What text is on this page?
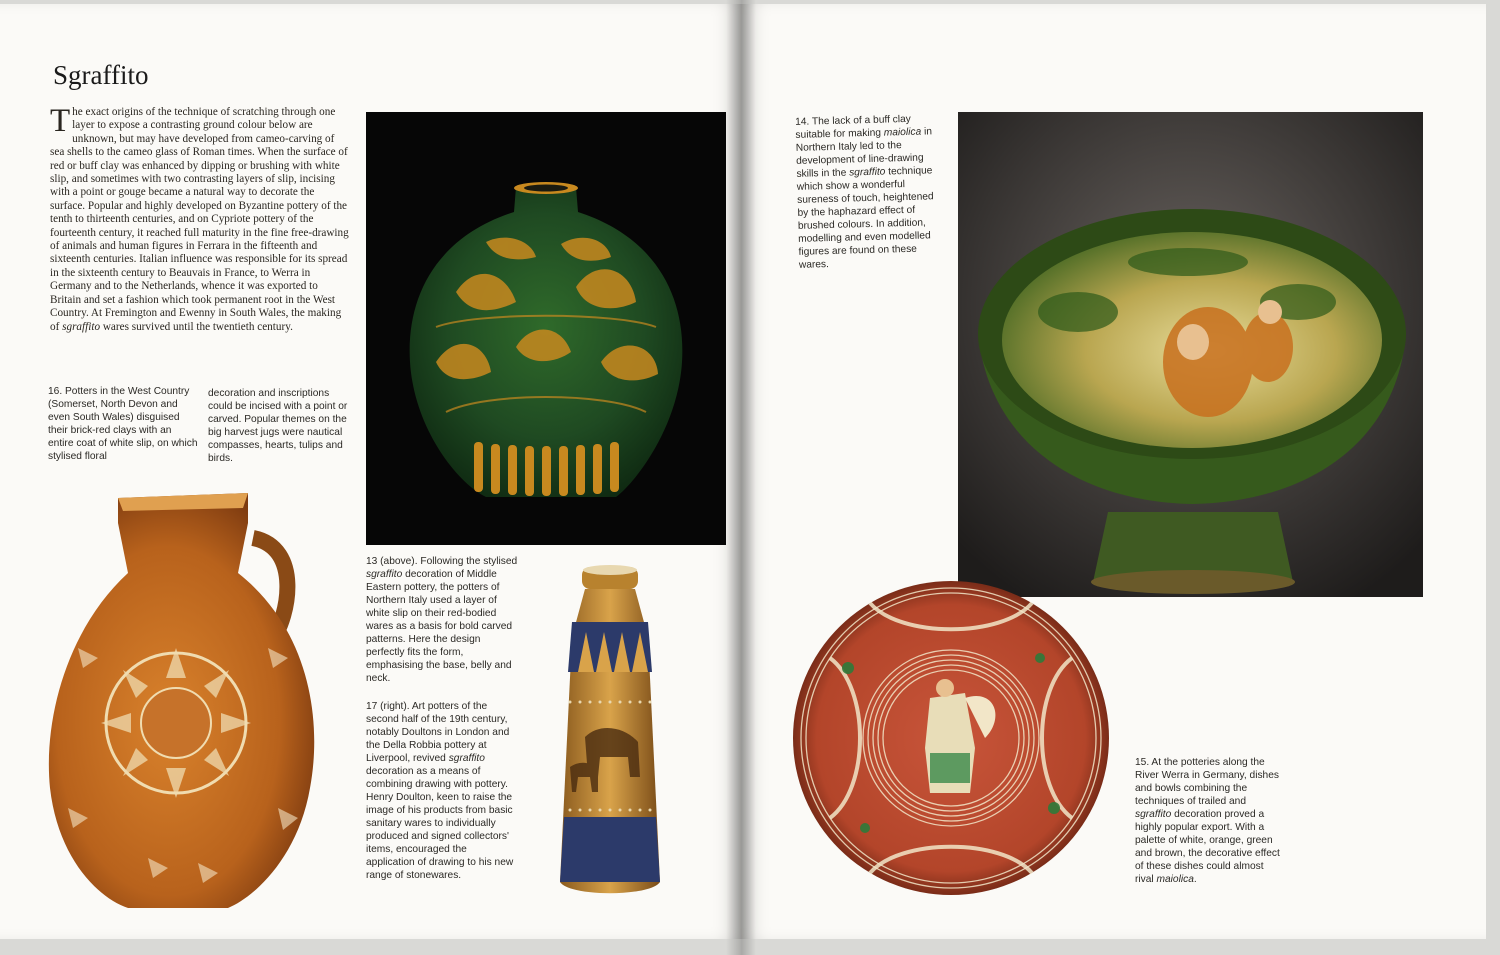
Sgraffito

The exact origins of the technique of scratching through one layer to expose a contrasting ground colour below are unknown, but may have developed from cameo-carving of sea shells to the cameo glass of Roman times. When the surface of red or buff clay was enhanced by dipping or brushing with white slip, and sometimes with two contrasting layers of slip, incising with a point or gouge became a natural way to decorate the surface. Popular and highly developed on Byzantine pottery of the tenth to thirteenth centuries, and on Cypriote pottery of the fourteenth century, it reached full maturity in the fine free-drawing of animals and human figures in Ferrara in the fifteenth and sixteenth centuries. Italian influence was responsible for its spread in the sixteenth century to Beauvais in France, to Werra in Germany and to the Netherlands, whence it was exported to Britain and set a fashion which took permanent root in the West Country. At Fremington and Ewenny in South Wales, the making of sgraffito wares survived until the twentieth century.

16. Potters in the West Country (Somerset, North Devon and even South Wales) disguised their brick-red clays with an entire coat of white slip, on which stylised floral

decoration and inscriptions could be incised with a point or carved. Popular themes on the big harvest jugs were nautical compasses, hearts, tulips and birds.

13 (above). Following the stylised sgraffito decoration of Middle Eastern pottery, the potters of Northern Italy used a layer of white slip on their red-bodied wares as a basis for bold carved patterns. Here the design perfectly fits the form, emphasising the base, belly and neck.

17 (right). Art potters of the second half of the 19th century, notably Doultons in London and the Della Robbia pottery at Liverpool, revived sgraffito decoration as a means of combining drawing with pottery. Henry Doulton, keen to raise the image of his products from basic sanitary wares to individually produced and signed collectors' items, encouraged the application of drawing to his new range of stonewares.

14. The lack of a buff clay suitable for making maiolica in Northern Italy led to the development of line-drawing skills in the sgraffito technique which show a wonderful sureness of touch, heightened by the haphazard effect of brushed colours. In addition, modelling and even modelled figures are found on these wares.

15. At the potteries along the River Werra in Germany, dishes and bowls combining the techniques of trailed and sgraffito decoration proved a highly popular export. With a palette of white, orange, green and brown, the decorative effect of these dishes could almost rival maiolica.
